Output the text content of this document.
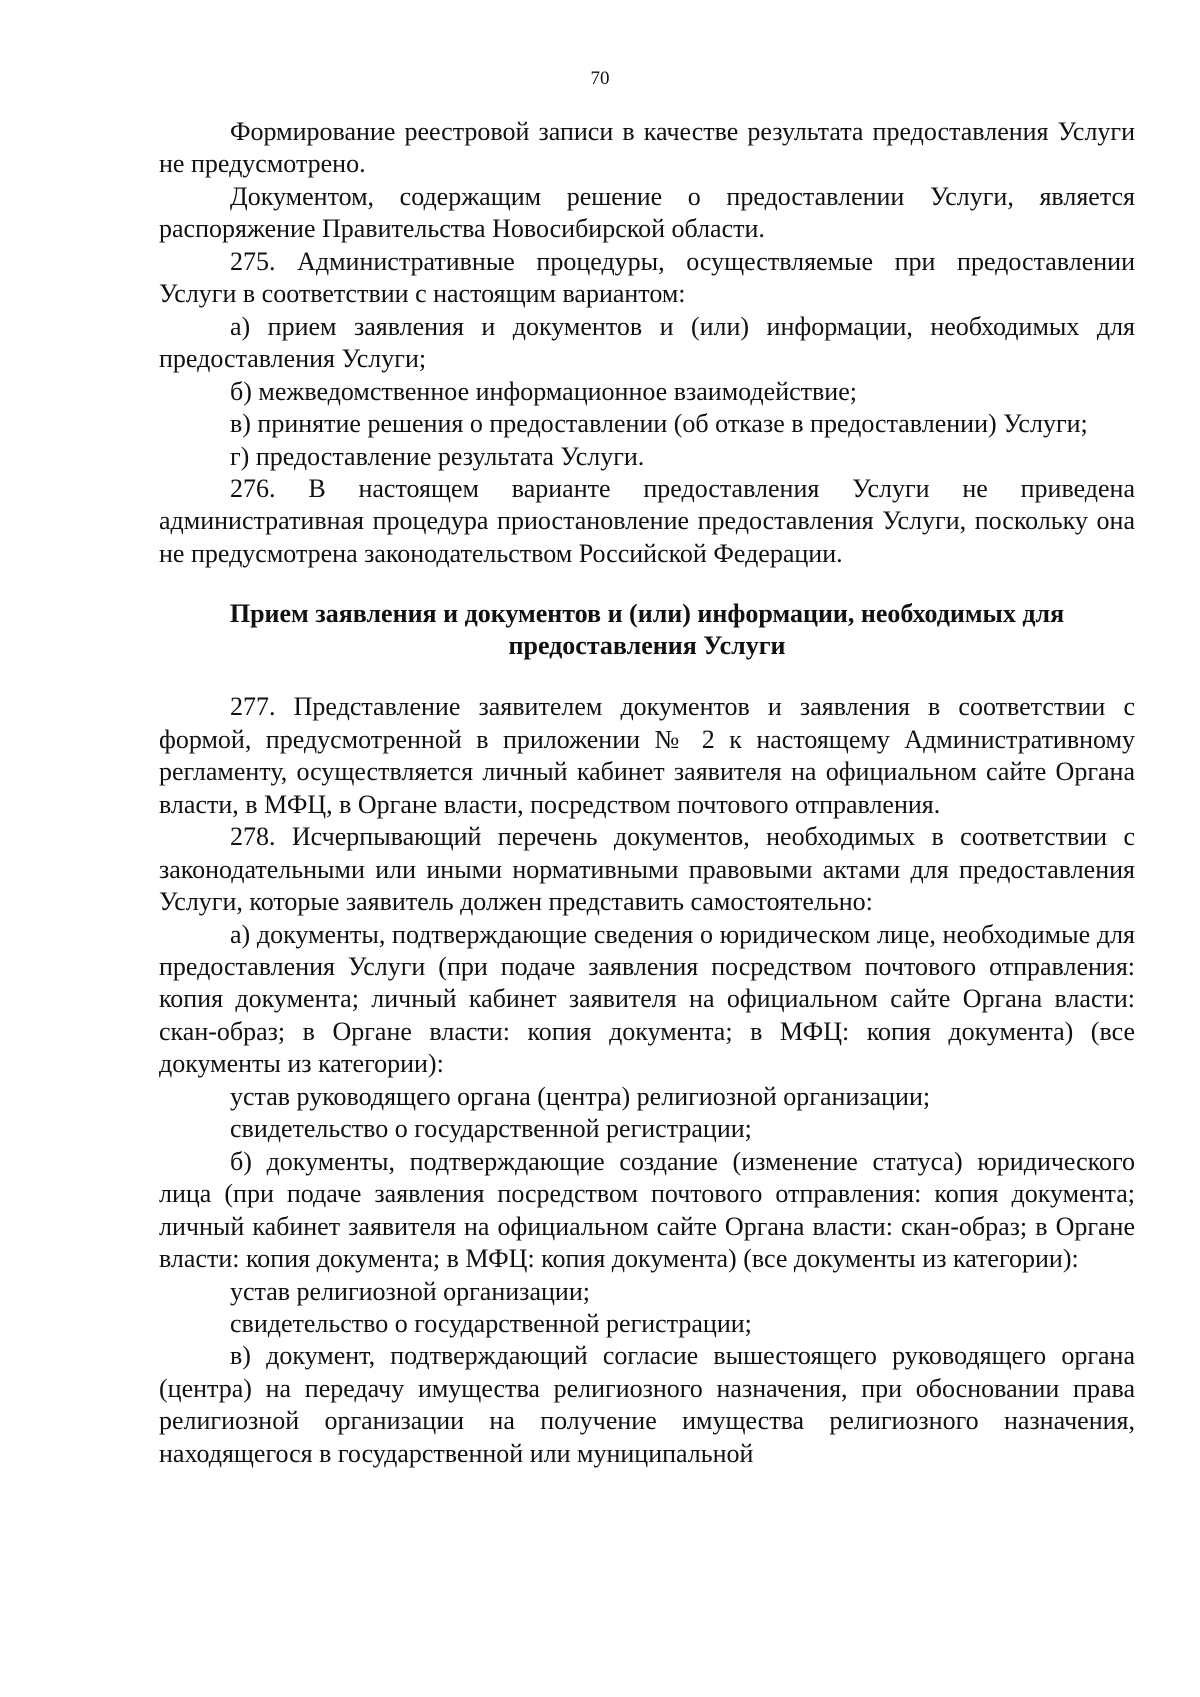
70

Формирование реестровой записи в качестве результата предоставления Услуги не предусмотрено.

Документом, содержащим решение о предоставлении Услуги, является распоряжение Правительства Новосибирской области.

275. Административные процедуры, осуществляемые при предоставлении Услуги в соответствии с настоящим вариантом:

а) прием заявления и документов и (или) информации, необходимых для предоставления Услуги;

б) межведомственное информационное взаимодействие;

в) принятие решения о предоставлении (об отказе в предоставлении) Услуги;

г) предоставление результата Услуги.

276. В настоящем варианте предоставления Услуги не приведена административная процедура приостановление предоставления Услуги, поскольку она не предусмотрена законодательством Российской Федерации.

Прием заявления и документов и (или) информации, необходимых для предоставления Услуги

277. Представление заявителем документов и заявления в соответствии с формой, предусмотренной в приложении № 2 к настоящему Административному регламенту, осуществляется личный кабинет заявителя на официальном сайте Органа власти, в МФЦ, в Органе власти, посредством почтового отправления.

278. Исчерпывающий перечень документов, необходимых в соответствии с законодательными или иными нормативными правовыми актами для предоставления Услуги, которые заявитель должен представить самостоятельно:

а) документы, подтверждающие сведения о юридическом лице, необходимые для предоставления Услуги (при подаче заявления посредством почтового отправления: копия документа; личный кабинет заявителя на официальном сайте Органа власти: скан-образ; в Органе власти: копия документа; в МФЦ: копия документа) (все документы из категории):

устав руководящего органа (центра) религиозной организации;

свидетельство о государственной регистрации;

б) документы, подтверждающие создание (изменение статуса) юридического лица (при подаче заявления посредством почтового отправления: копия документа; личный кабинет заявителя на официальном сайте Органа власти: скан-образ; в Органе власти: копия документа; в МФЦ: копия документа) (все документы из категории):

устав религиозной организации;

свидетельство о государственной регистрации;

в) документ, подтверждающий согласие вышестоящего руководящего органа (центра) на передачу имущества религиозного назначения, при обосновании права религиозной организации на получение имущества религиозного назначения, находящегося в государственной или муниципальной
